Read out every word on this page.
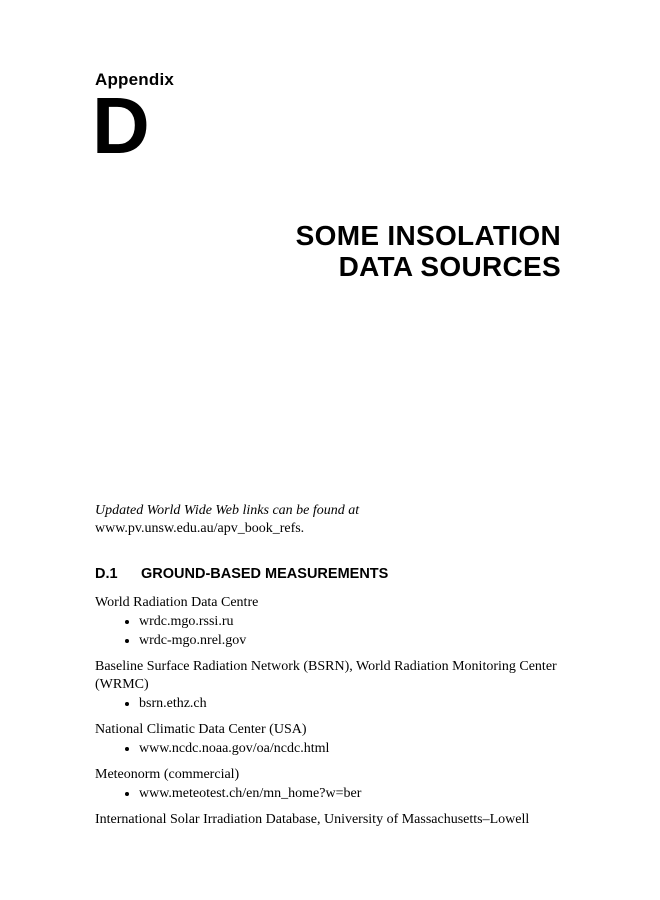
Appendix
D
SOME INSOLATION
DATA SOURCES

Updated World Wide Web links can be found at www.pv.unsw.edu.au/apv_book_refs.

D.1 GROUND-BASED MEASUREMENTS

World Radiation Data Centre

• wrdc.mgo.rssi.ru
• wrdc-mgo.nrel.gov

Baseline Surface Radiation Network (BSRN), World Radiation Monitoring Center (WRMC)

• bsrn.ethz.ch

National Climatic Data Center (USA)

• www.ncdc.noaa.gov/oa/ncdc.html

Meteonorm (commercial)

• www.meteotest.ch/en/mn_home?w=ber

International Solar Irradiation Database, University of Massachusetts–Lowell
